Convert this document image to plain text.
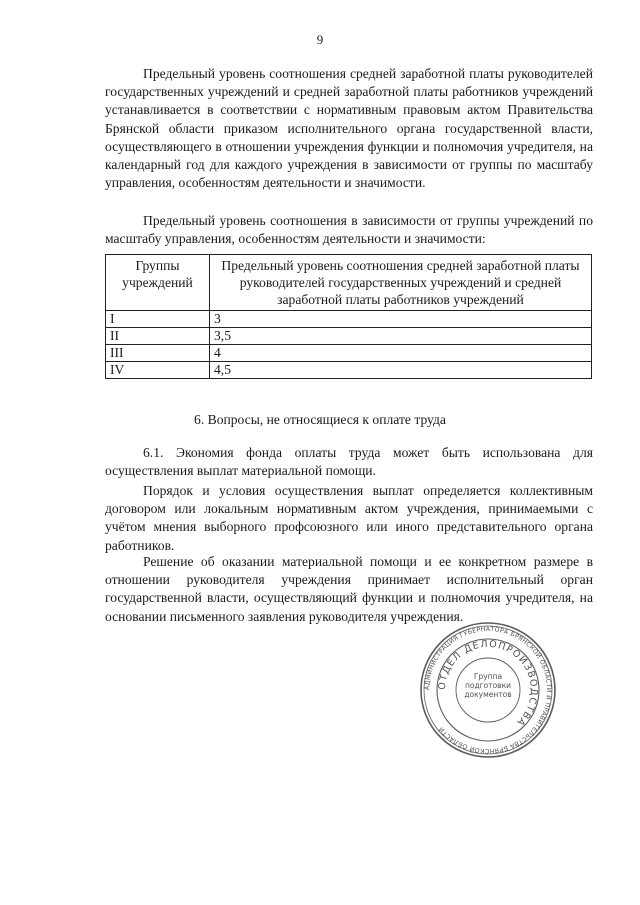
9

Предельный уровень соотношения средней заработной платы руководителей государственных учреждений и средней заработной платы работников учреждений устанавливается в соответствии с нормативным правовым актом Правительства Брянской области приказом исполнительного органа государственной власти, осуществляющего в отношении учреждения функции и полномочия учредителя, на календарный год для каждого учреждения в зависимости от группы по масштабу управления, особенностям деятельности и значимости.

Предельный уровень соотношения в зависимости от группы учреждений по масштабу управления, особенностям деятельности и значимости:

Группы учреждений	Предельный уровень соотношения средней заработной платы руководителей государственных учреждений и средней заработной платы работников учреждений
I	3
II	3,5
III	4
IV	4,5
6. Вопросы, не относящиеся к оплате труда

6.1. Экономия фонда оплаты труда может быть использована для осуществления выплат материальной помощи.

Порядок и условия осуществления выплат определяется коллективным договором или локальным нормативным актом учреждения, принимаемыми с учётом мнения выборного профсоюзного или иного представительного органа работников.

Решение об оказании материальной помощи и ее конкретном размере в отношении руководителя учреждения принимает исполнительный орган государственной власти, осуществляющий функции и полномочия учредителя, на основании письменного заявления руководителя учреждения.

АДМИНИСТРАЦИЯ ГУБЕРНАТОРА БРЯНСКОЙ ОБЛАСТИ И ПРАВИТЕЛЬСТВА БРЯНСКОЙ ОБЛАСТИ
ОТДЕЛ ДЕЛОПРОИЗВОДСТВА
Группа подготовки документов
